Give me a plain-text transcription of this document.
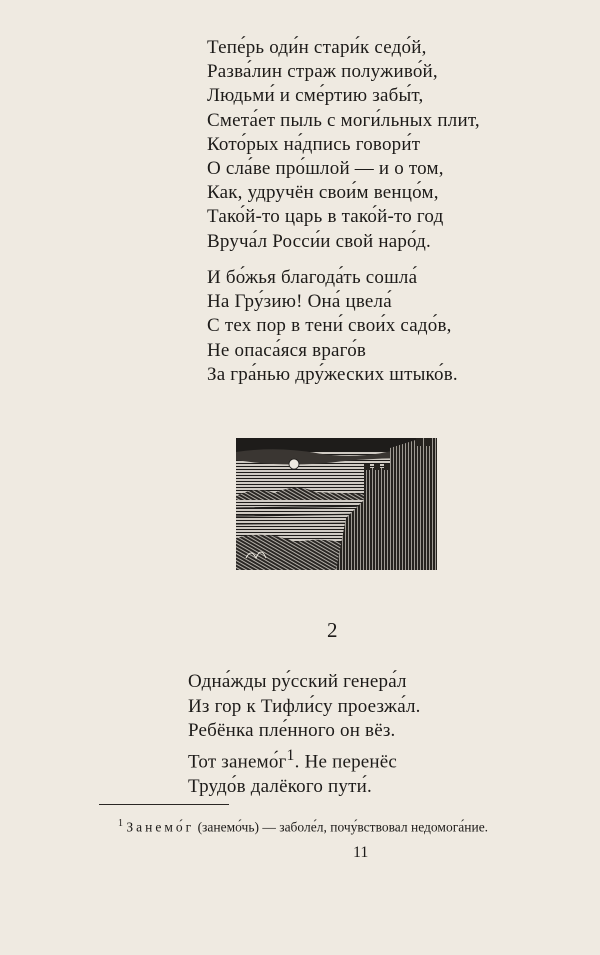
Тепе́рь оди́н стари́к седо́й,
Разва́лин страж полуживо́й,
Людьми́ и сме́ртию забы́т,
Смета́ет пыль с моги́льных плит,
Кото́рых на́дпись говори́т
О сла́ве про́шлой — и о том,
Как, удручён свои́м венцо́м,
Тако́й-то царь в тако́й-то год
Вруча́л Росси́и свой наро́д.
И бо́жья благода́ть сошла́
На Гру́зию! Она́ цвела́
С тех пор в тени́ свои́х садо́в,
Не опаса́яся враго́в
За гра́нью дру́жеских штыко́в.
2
Одна́жды ру́сский генера́л
Из гор к Тифли́су проезжа́л.
Ребёнка пле́нного он вёз.
Тот $занемо́г^1$. Не перенёс
Трудо́в далёкого пути́.
$^1$ Занемо́г (занемо́чь) — заболе́л, почу́вствовал недомога́ние.
11
